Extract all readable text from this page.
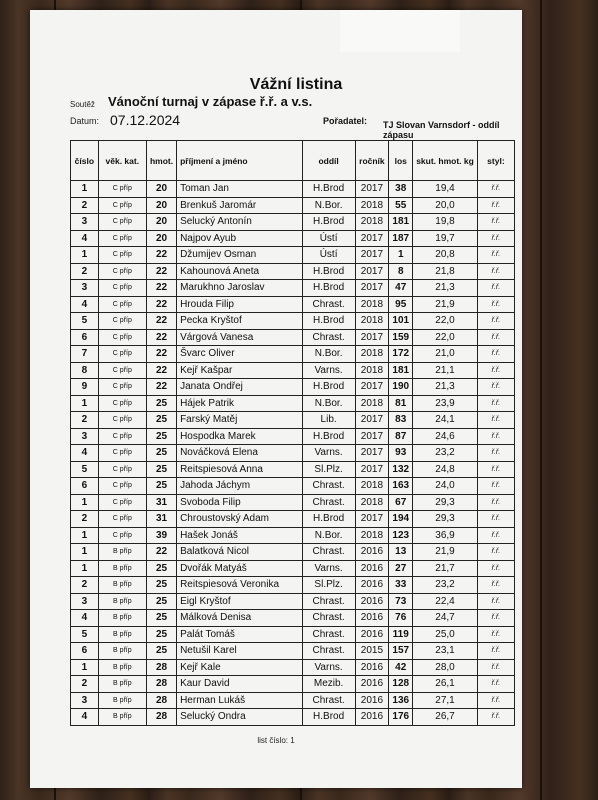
Vážní listina
Soutěž Vánoční turnaj v zápase ř.ř. a v.s.
Datum: 07.12.2024	Pořadatel: TJ Slovan Varnsdorf - oddíl zápasu
číslo	věk. kat.	hmot.	příjmení a jméno	oddíl	ročník	los	skut. hmot. kg	styl:
1	C příp	20	Toman Jan	H.Brod	2017	38	19,4	ř.ř.
2	C příp	20	Brenkuš Jaromár	N.Bor.	2018	55	20,0	ř.ř.
3	C příp	20	Selucký Antonín	H.Brod	2018	181	19,8	ř.ř.
4	C příp	20	Najpov Ayub	Ústí	2017	187	19,7	ř.ř.
1	C příp	22	Džumijev Osman	Ústí	2017	1	20,8	ř.ř.
2	C příp	22	Kahounová Aneta	H.Brod	2017	8	21,8	ř.ř.
3	C příp	22	Marukhno Jaroslav	H.Brod	2017	47	21,3	ř.ř.
4	C příp	22	Hrouda Filip	Chrast.	2018	95	21,9	ř.ř.
5	C příp	22	Pecka Kryštof	H.Brod	2018	101	22,0	ř.ř.
6	C příp	22	Várgová Vanesa	Chrast.	2017	159	22,0	ř.ř.
7	C příp	22	Švarc Oliver	N.Bor.	2018	172	21,0	ř.ř.
8	C příp	22	Kejř Kašpar	Varns.	2018	181	21,1	ř.ř.
9	C příp	22	Janata Ondřej	H.Brod	2017	190	21,3	ř.ř.
1	C příp	25	Hájek Patrik	N.Bor.	2018	81	23,9	ř.ř.
2	C příp	25	Farský Matěj	Lib.	2017	83	24,1	ř.ř.
3	C příp	25	Hospodka Marek	H.Brod	2017	87	24,6	ř.ř.
4	C příp	25	Nováčková Elena	Varns.	2017	93	23,2	ř.ř.
5	C příp	25	Reitspiesová Anna	Sl.Plz.	2017	132	24,8	ř.ř.
6	C příp	25	Jahoda Jáchym	Chrast.	2018	163	24,0	ř.ř.
1	C příp	31	Svoboda Filip	Chrast.	2018	67	29,3	ř.ř.
2	C příp	31	Chroustovský Adam	H.Brod	2017	194	29,3	ř.ř.
1	C příp	39	Hašek Jonáš	N.Bor.	2018	123	36,9	ř.ř.
1	B příp	22	Balatková Nicol	Chrast.	2016	13	21,9	ř.ř.
1	B příp	25	Dvořák Matyáš	Varns.	2016	27	21,7	ř.ř.
2	B příp	25	Reitspiesová Veronika	Sl.Plz.	2016	33	23,2	ř.ř.
3	B příp	25	Eigl Kryštof	Chrast.	2016	73	22,4	ř.ř.
4	B příp	25	Málková Denisa	Chrast.	2016	76	24,7	ř.ř.
5	B příp	25	Palát Tomáš	Chrast.	2016	119	25,0	ř.ř.
6	B příp	25	Netušil Karel	Chrast.	2015	157	23,1	ř.ř.
1	B příp	28	Kejř Kale	Varns.	2016	42	28,0	ř.ř.
2	B příp	28	Kaur David	Mezib.	2016	128	26,1	ř.ř.
3	B příp	28	Herman Lukáš	Chrast.	2016	136	27,1	ř.ř.
4	B příp	28	Selucký Ondra	H.Brod	2016	176	26,7	ř.ř.
list číslo: 1
